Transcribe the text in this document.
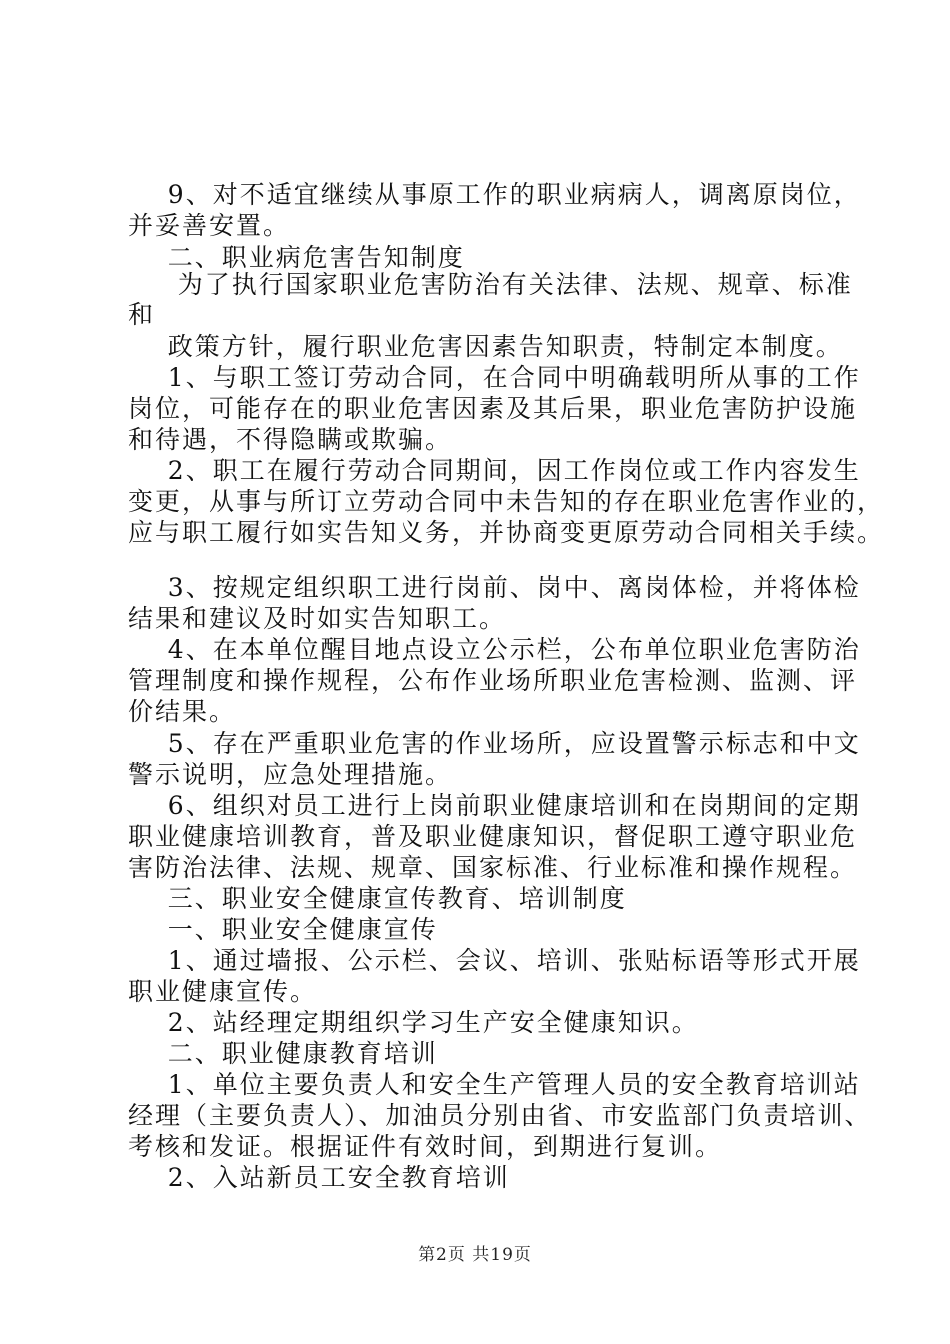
9、对不适宜继续从事原工作的职业病病人，调离原岗位，
并妥善安置。
二、职业病危害告知制度
为了执行国家职业危害防治有关法律、法规、规章、标准
和
政策方针，履行职业危害因素告知职责，特制定本制度。
1、与职工签订劳动合同，在合同中明确载明所从事的工作
岗位，可能存在的职业危害因素及其后果，职业危害防护设施
和待遇，不得隐瞒或欺骗。
2、职工在履行劳动合同期间，因工作岗位或工作内容发生
变更，从事与所订立劳动合同中未告知的存在职业危害作业的，
应与职工履行如实告知义务，并协商变更原劳动合同相关手续。
3、按规定组织职工进行岗前、岗中、离岗体检，并将体检
结果和建议及时如实告知职工。
4、在本单位醒目地点设立公示栏，公布单位职业危害防治
管理制度和操作规程，公布作业场所职业危害检测、监测、评
价结果。
5、存在严重职业危害的作业场所，应设置警示标志和中文
警示说明，应急处理措施。
6、组织对员工进行上岗前职业健康培训和在岗期间的定期
职业健康培训教育，普及职业健康知识，督促职工遵守职业危
害防治法律、法规、规章、国家标准、行业标准和操作规程。
三、职业安全健康宣传教育、培训制度
一、职业安全健康宣传
1、通过墙报、公示栏、会议、培训、张贴标语等形式开展
职业健康宣传。
2、站经理定期组织学习生产安全健康知识。
二、职业健康教育培训
1、单位主要负责人和安全生产管理人员的安全教育培训站
经理（主要负责人）、加油员分别由省、市安监部门负责培训、
考核和发证。根据证件有效时间，到期进行复训。
2、入站新员工安全教育培训
第2页 共19页
